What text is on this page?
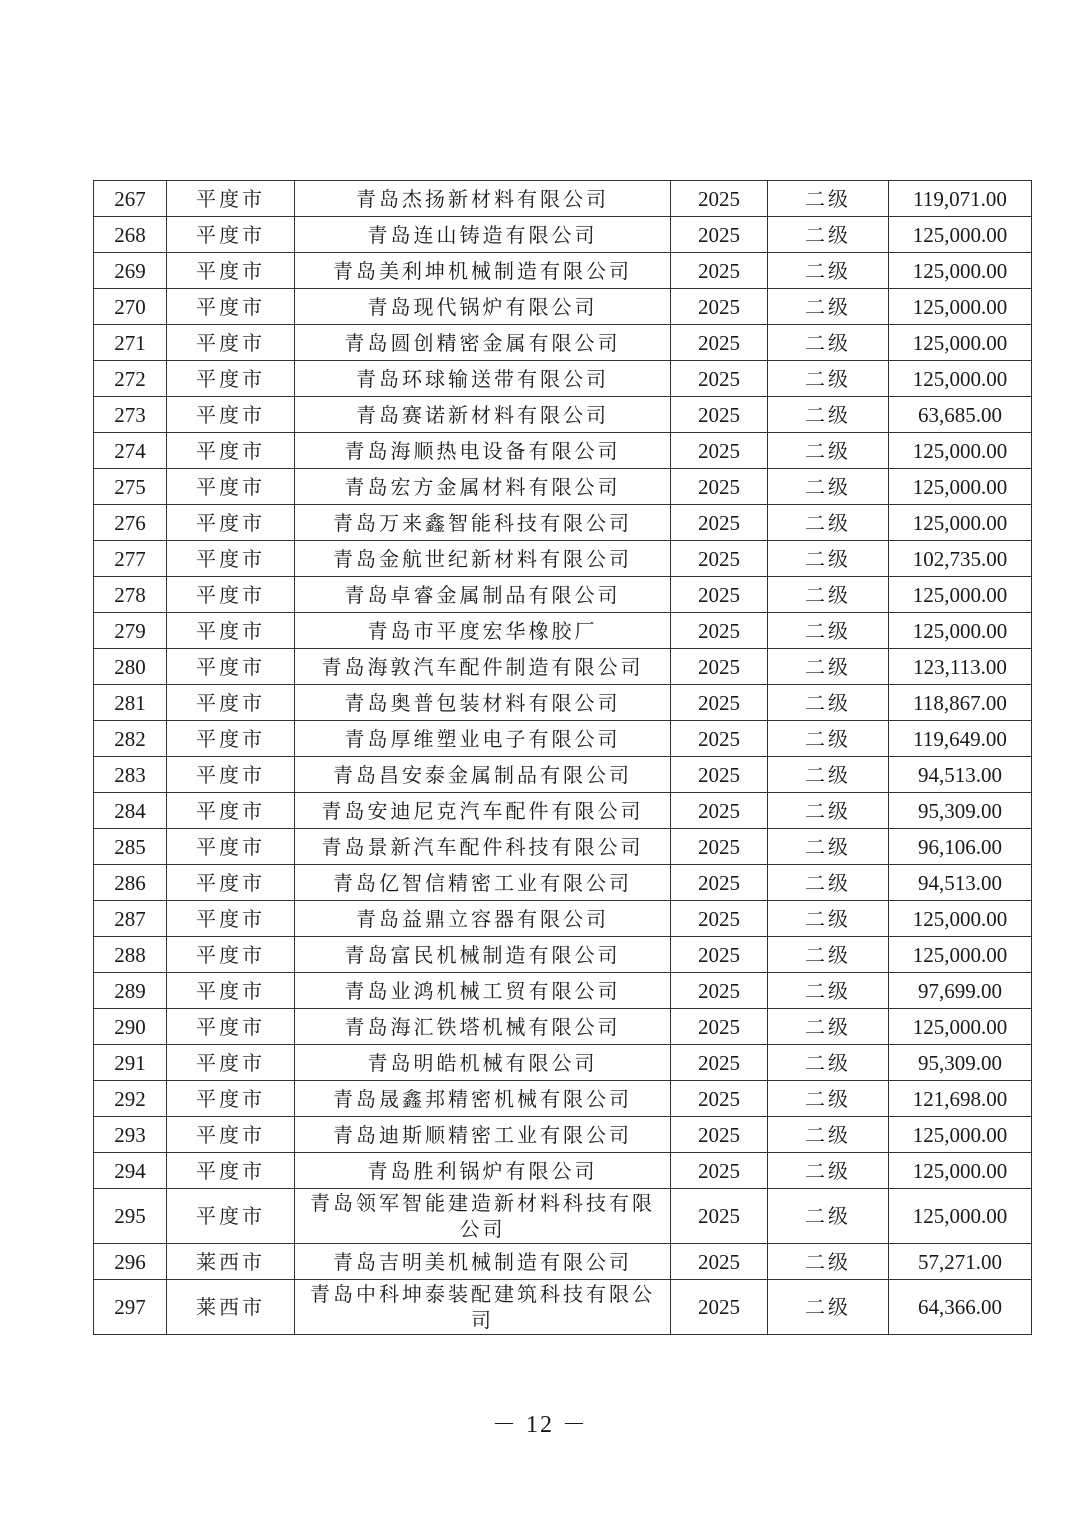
267	平度市	青岛杰扬新材料有限公司	2025	二级	119,071.00
268	平度市	青岛连山铸造有限公司	2025	二级	125,000.00
269	平度市	青岛美利坤机械制造有限公司	2025	二级	125,000.00
270	平度市	青岛现代锅炉有限公司	2025	二级	125,000.00
271	平度市	青岛圆创精密金属有限公司	2025	二级	125,000.00
272	平度市	青岛环球输送带有限公司	2025	二级	125,000.00
273	平度市	青岛赛诺新材料有限公司	2025	二级	63,685.00
274	平度市	青岛海顺热电设备有限公司	2025	二级	125,000.00
275	平度市	青岛宏方金属材料有限公司	2025	二级	125,000.00
276	平度市	青岛万来鑫智能科技有限公司	2025	二级	125,000.00
277	平度市	青岛金航世纪新材料有限公司	2025	二级	102,735.00
278	平度市	青岛卓睿金属制品有限公司	2025	二级	125,000.00
279	平度市	青岛市平度宏华橡胶厂	2025	二级	125,000.00
280	平度市	青岛海敦汽车配件制造有限公司	2025	二级	123,113.00
281	平度市	青岛奥普包装材料有限公司	2025	二级	118,867.00
282	平度市	青岛厚维塑业电子有限公司	2025	二级	119,649.00
283	平度市	青岛昌安泰金属制品有限公司	2025	二级	94,513.00
284	平度市	青岛安迪尼克汽车配件有限公司	2025	二级	95,309.00
285	平度市	青岛景新汽车配件科技有限公司	2025	二级	96,106.00
286	平度市	青岛亿智信精密工业有限公司	2025	二级	94,513.00
287	平度市	青岛益鼎立容器有限公司	2025	二级	125,000.00
288	平度市	青岛富民机械制造有限公司	2025	二级	125,000.00
289	平度市	青岛业鸿机械工贸有限公司	2025	二级	97,699.00
290	平度市	青岛海汇铁塔机械有限公司	2025	二级	125,000.00
291	平度市	青岛明皓机械有限公司	2025	二级	95,309.00
292	平度市	青岛晟鑫邦精密机械有限公司	2025	二级	121,698.00
293	平度市	青岛迪斯顺精密工业有限公司	2025	二级	125,000.00
294	平度市	青岛胜利锅炉有限公司	2025	二级	125,000.00
295	平度市	青岛领军智能建造新材料科技有限公司	2025	二级	125,000.00
296	莱西市	青岛吉明美机械制造有限公司	2025	二级	57,271.00
297	莱西市	青岛中科坤泰装配建筑科技有限公司	2025	二级	64,366.00
－ 12 －
